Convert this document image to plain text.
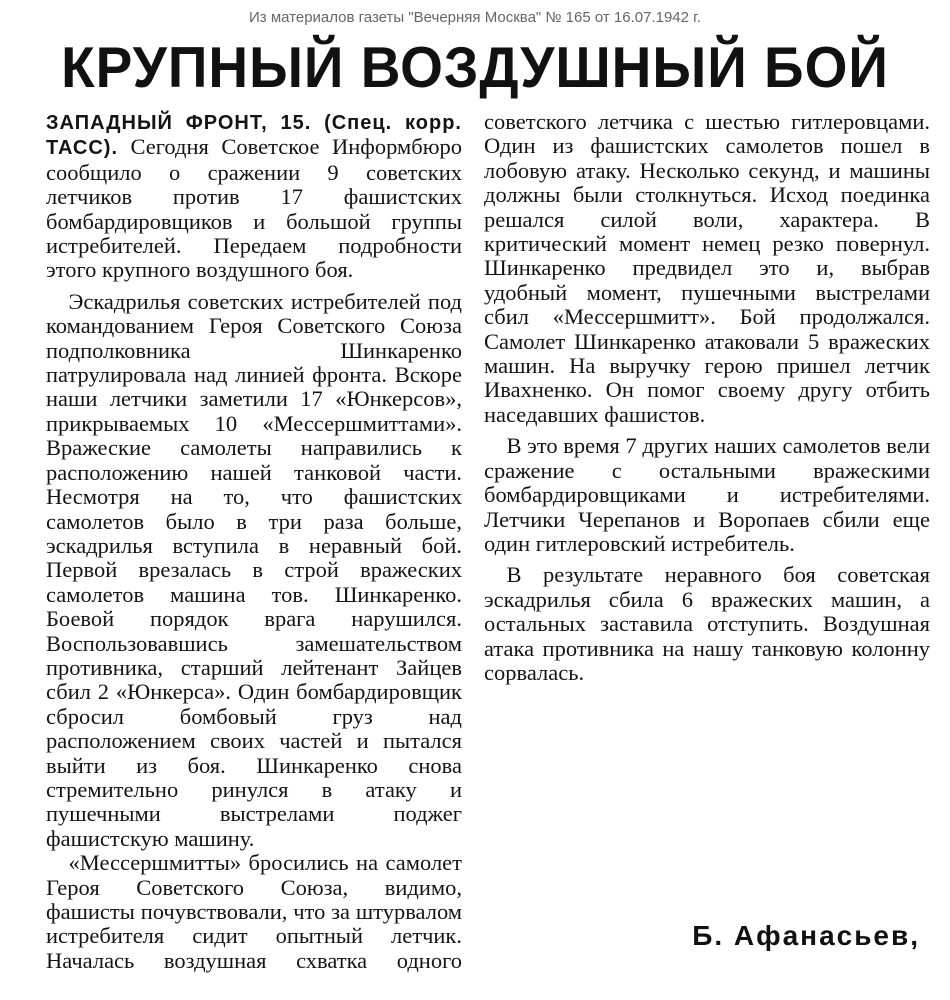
Из материалов газеты "Вечерняя Москва" № 165 от 16.07.1942 г.
КРУПНЫЙ ВОЗДУШНЫЙ БОЙ

ЗАПАДНЫЙ ФРОНТ, 15. (Спец. корр. ТАСС). Сегодня Советское Информбюро сообщило о сражении 9 советских летчиков против 17 фашистских бомбардировщиков и большой группы истребителей. Передаем подробности этого крупного воздушного боя.

Эскадрилья советских истребителей под командованием Героя Советского Союза подполковника Шинкаренко патрулировала над линией фронта. Вскоре наши летчики заметили 17 «Юнкерсов», прикрываемых 10 «Мессершмиттами». Вражеские самолеты направились к расположению нашей танковой части. Несмотря на то, что фашистских самолетов было в три раза больше, эскадрилья вступила в неравный бой. Первой врезалась в строй вражеских самолетов машина тов. Шинкаренко. Боевой порядок врага нарушился. Воспользовавшись замешательством противника, старший лейтенант Зайцев сбил 2 «Юнкерса». Один бомбардировщик сбросил бомбовый груз над расположением своих частей и пытался выйти из боя. Шинкаренко снова стремительно ринулся в атаку и пушечными выстрелами поджег фашистскую машину.

«Мессершмитты» бросились на самолет Героя Советского Союза, видимо, фашисты почувствовали, что за штурвалом истребителя сидит опытный летчик. Началась воздушная схватка одного

советского летчика с шестью гитлеровцами. Один из фашистских самолетов пошел в лобовую атаку. Несколько секунд, и машины должны были столкнуться. Исход поединка решался силой воли, характера. В критический момент немец резко повернул. Шинкаренко предвидел это и, выбрав удобный момент, пушечными выстрелами сбил «Мессершмитт». Бой продолжался. Самолет Шинкаренко атаковали 5 вражеских машин. На выручку герою пришел летчик Ивахненко. Он помог своему другу отбить наседавших фашистов.

В это время 7 других наших самолетов вели сражение с остальными вражескими бомбардировщиками и истребителями. Летчики Черепанов и Воропаев сбили еще один гитлеровский истребитель.

В результате неравного боя советская эскадрилья сбила 6 вражеских машин, а остальных заставила отступить. Воздушная атака противника на нашу танковую колонну сорвалась.

Б. Афанасьев,
